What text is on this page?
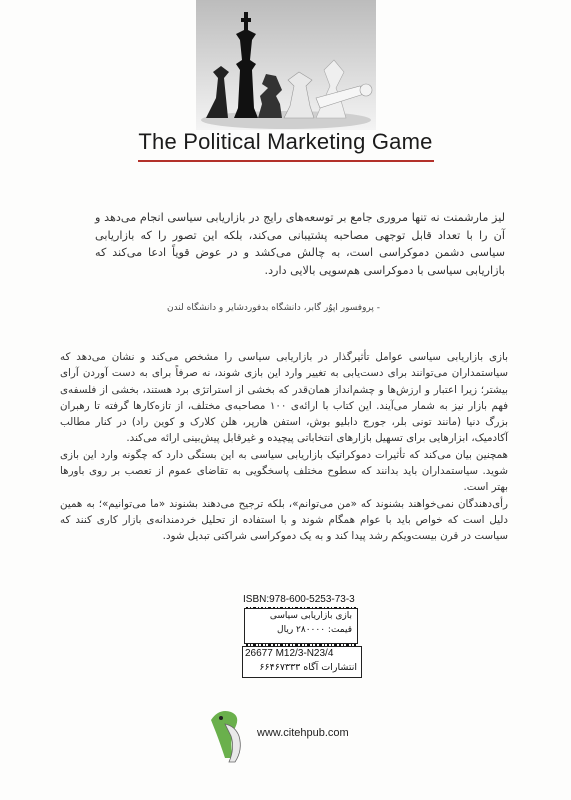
The Political Marketing Game
لیز مارشمنت نه تنها مروری جامع بر توسعه‌های رایج در بازاریابی سیاسی انجام می‌دهد و آن را با تعداد قابل توجهی مصاحبه پشتیبانی می‌کند، بلکه این تصور را که بازاریابی سیاسی دشمن دموکراسی است، به چالش می‌کشد و در عوض قویاً ادعا می‌کند که بازاریابی سیاسی با دموکراسی هم‌سویی بالایی دارد.
- پروفسور اپوُر گابر، دانشگاه بدفوردشایر و دانشگاه لندن

بازی بازاریابی سیاسی عوامل تأثیرگذار در بازاریابی سیاسی را مشخص می‌کند و نشان می‌دهد که سیاستمداران می‌توانند برای دست‌یابی به تغییر وارد این بازی شوند، نه صرفاً برای به دست آوردن آرای بیشتر؛ زیرا اعتبار و ارزش‌ها و چشم‌انداز همان‌قدر که بخشی از استراتژی برد هستند، بخشی از فلسفه‌ی فهم بازار نیز به شمار می‌آیند. این کتاب با ارائه‌ی ۱۰۰ مصاحبه‌ی مختلف، از تازه‌کارها گرفته تا رهبران بزرگ دنیا (مانند تونی بلر، جورج دابلیو بوش، استفن هارپر، هلن کلارک و کوین راد) در کنار مطالب آکادمیک، ابزارهایی برای تسهیل بازارهای انتخاباتی پیچیده و غیرقابل پیش‌بینی ارائه می‌کند.

همچنین بیان می‌کند که تأثیرات دموکراتیک بازاریابی سیاسی به این بستگی دارد که چگونه وارد این بازی شوید. سیاستمداران باید بدانند که سطوح مختلف پاسخگویی به تقاضای عموم از تعصب بر روی باورها بهتر است.

رأی‌دهندگان نمی‌خواهند بشنوند که «من می‌توانم»، بلکه ترجیح می‌دهند بشنوند «ما می‌توانیم»؛ به همین دلیل است که خواص باید با عوام همگام شوند و با استفاده از تحلیل خردمندانه‌ی بازار کاری کنند که سیاست در قرن بیست‌ویکم رشد پیدا کند و به یک دموکراسی شراکتی تبدیل شود.

ISBN:978-600-5253-73-3
بازی بازاریابی سیاسی
قیمت: ۲۸۰۰۰۰ ریال
26677 M12/3-N23/4
انتشارات آگاه ۶۶۴۶۷۳۳۳
www.citehpub.com
